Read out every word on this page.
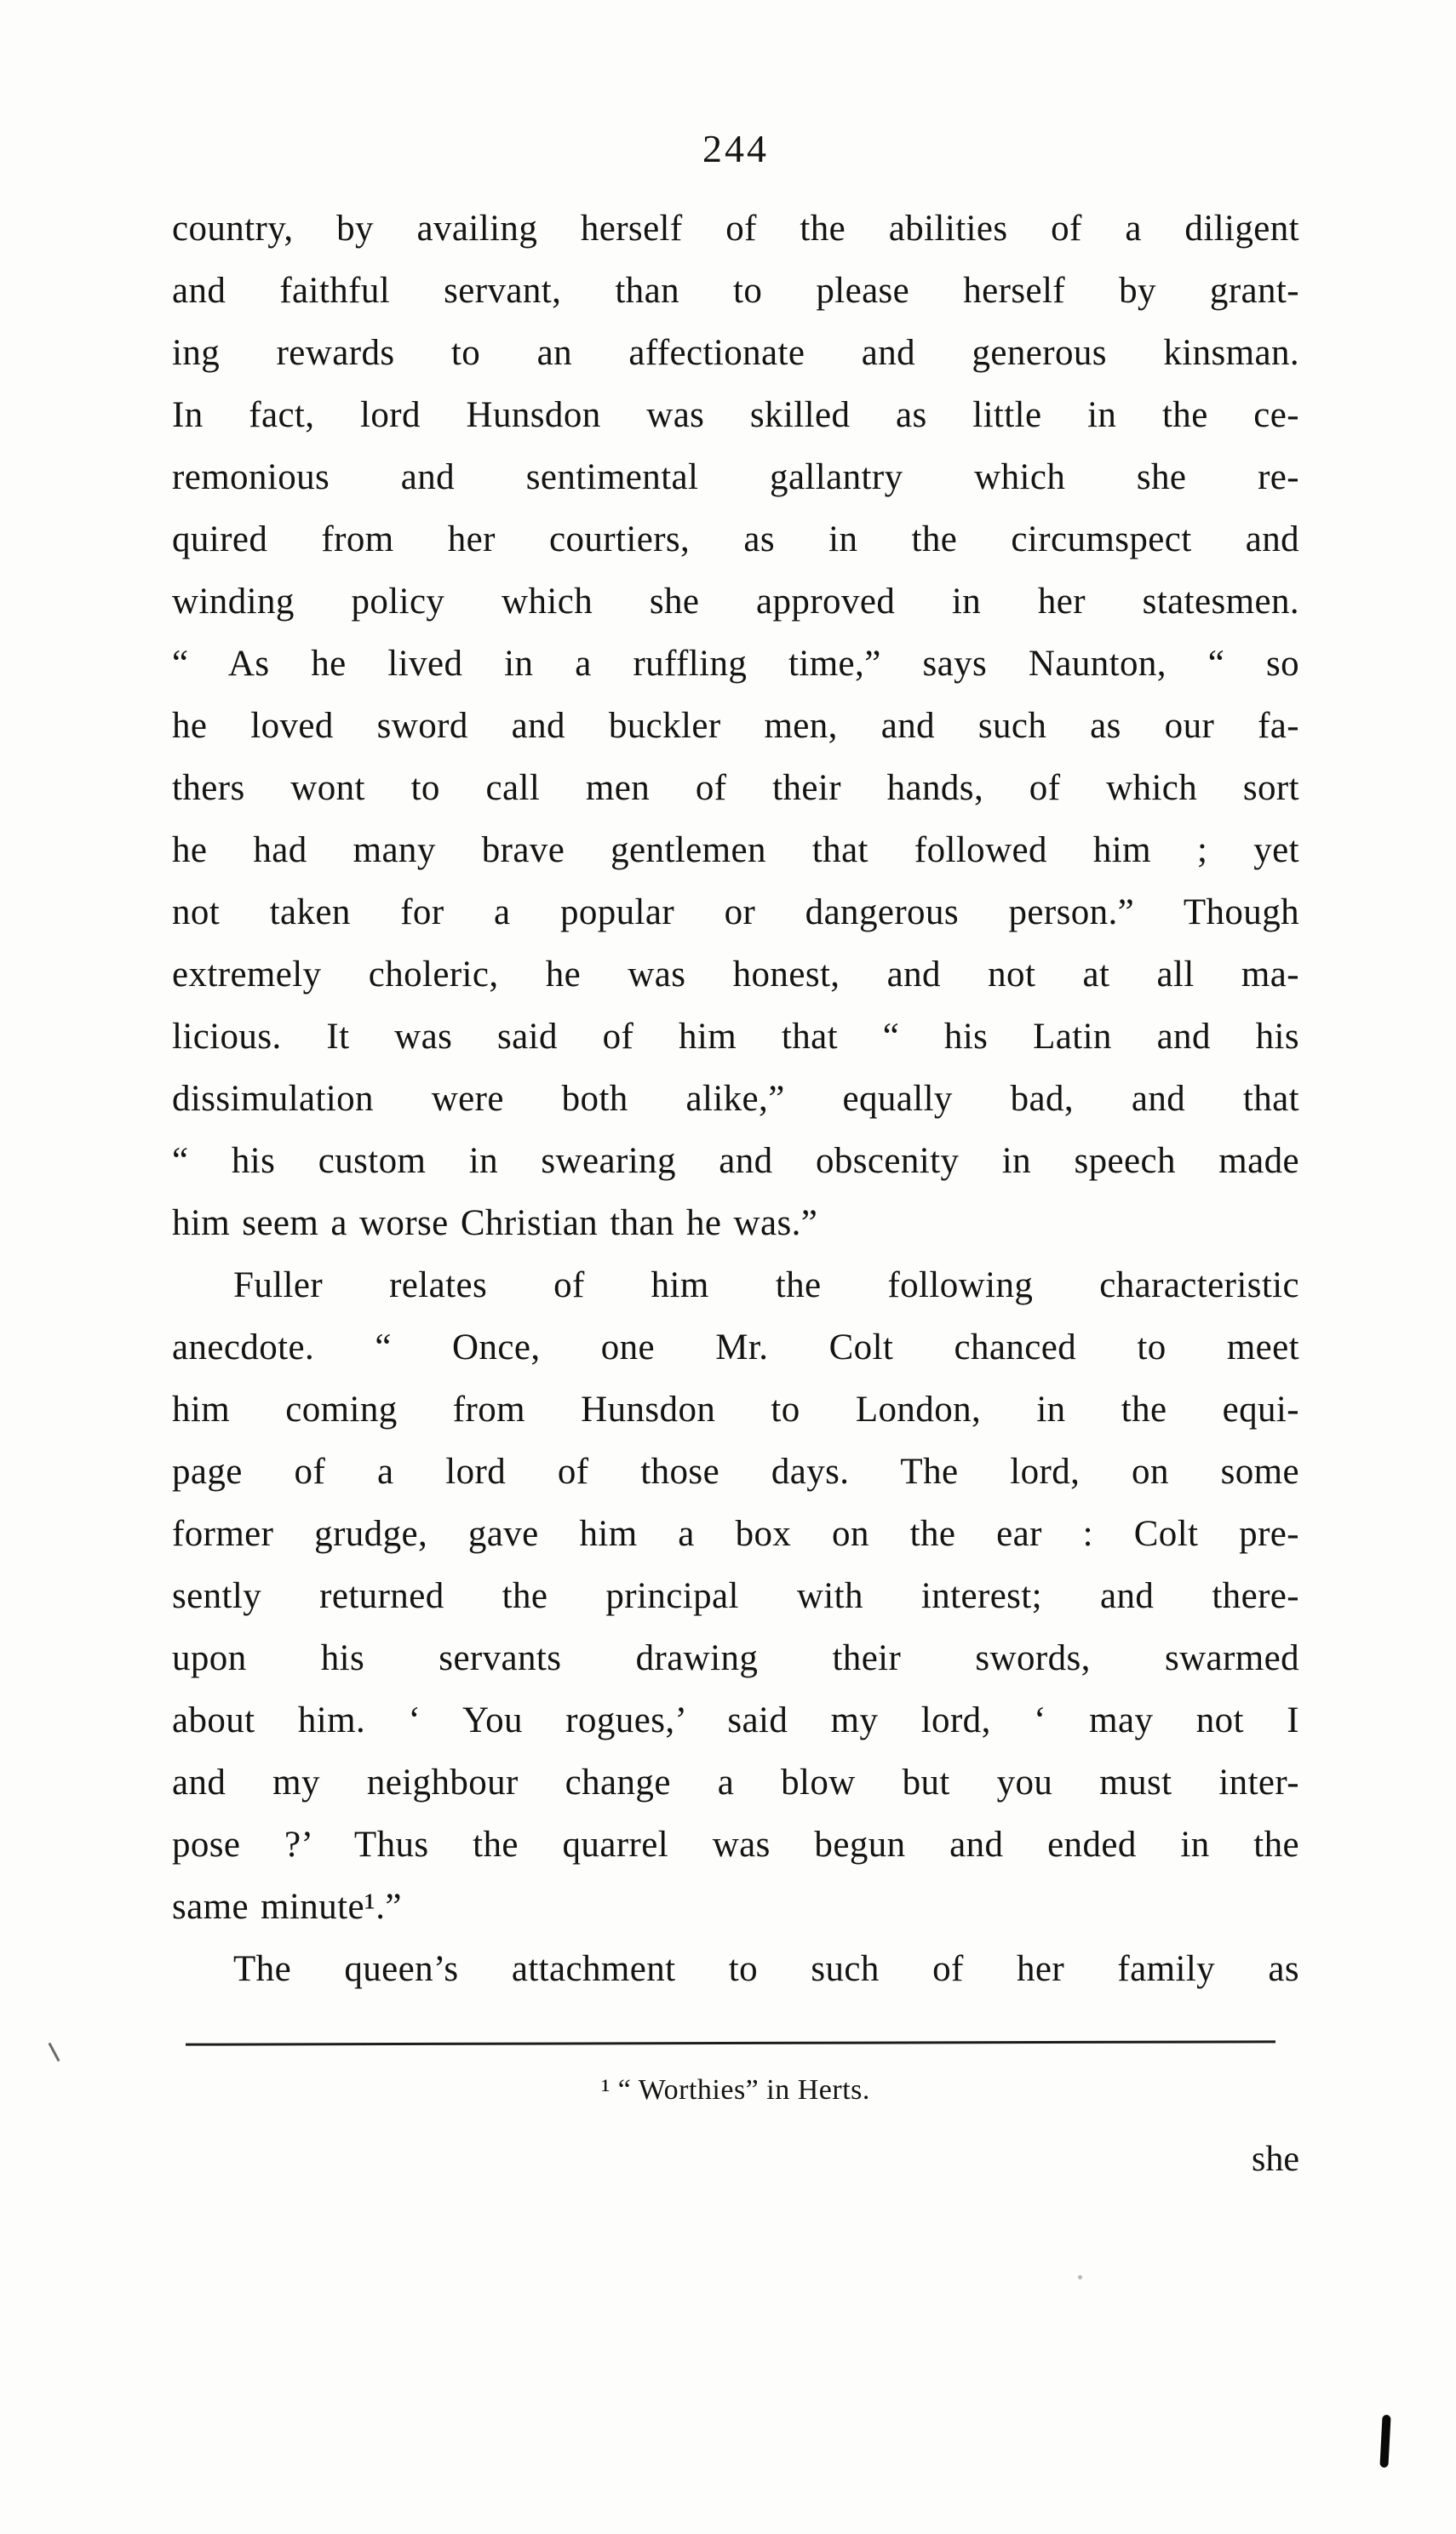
244
country, by availing herself of the abilities of a diligent
and faithful servant, than to please herself by grant-
ing rewards to an affectionate and generous kinsman.
In fact, lord Hunsdon was skilled as little in the ce-
remonious and sentimental gallantry which she re-
quired from her courtiers, as in the circumspect and
winding policy which she approved in her statesmen.
“ As he lived in a ruffling time,” says Naunton, “ so
he loved sword and buckler men, and such as our fa-
thers wont to call men of their hands, of which sort
he had many brave gentlemen that followed him ; yet
not taken for a popular or dangerous person.” Though
extremely choleric, he was honest, and not at all ma-
licious. It was said of him that “ his Latin and his
dissimulation were both alike,” equally bad, and that
“ his custom in swearing and obscenity in speech made
him seem a worse Christian than he was.”
Fuller relates of him the following characteristic
anecdote. “ Once, one Mr. Colt chanced to meet
him coming from Hunsdon to London, in the equi-
page of a lord of those days. The lord, on some
former grudge, gave him a box on the ear : Colt pre-
sently returned the principal with interest; and there-
upon his servants drawing their swords, swarmed
about him. ‘ You rogues,’ said my lord, ‘ may not I
and my neighbour change a blow but you must inter-
pose ?’ Thus the quarrel was begun and ended in the
same minute¹.”
The queen’s attachment to such of her family as
¹ “ Worthies” in Herts.
she
